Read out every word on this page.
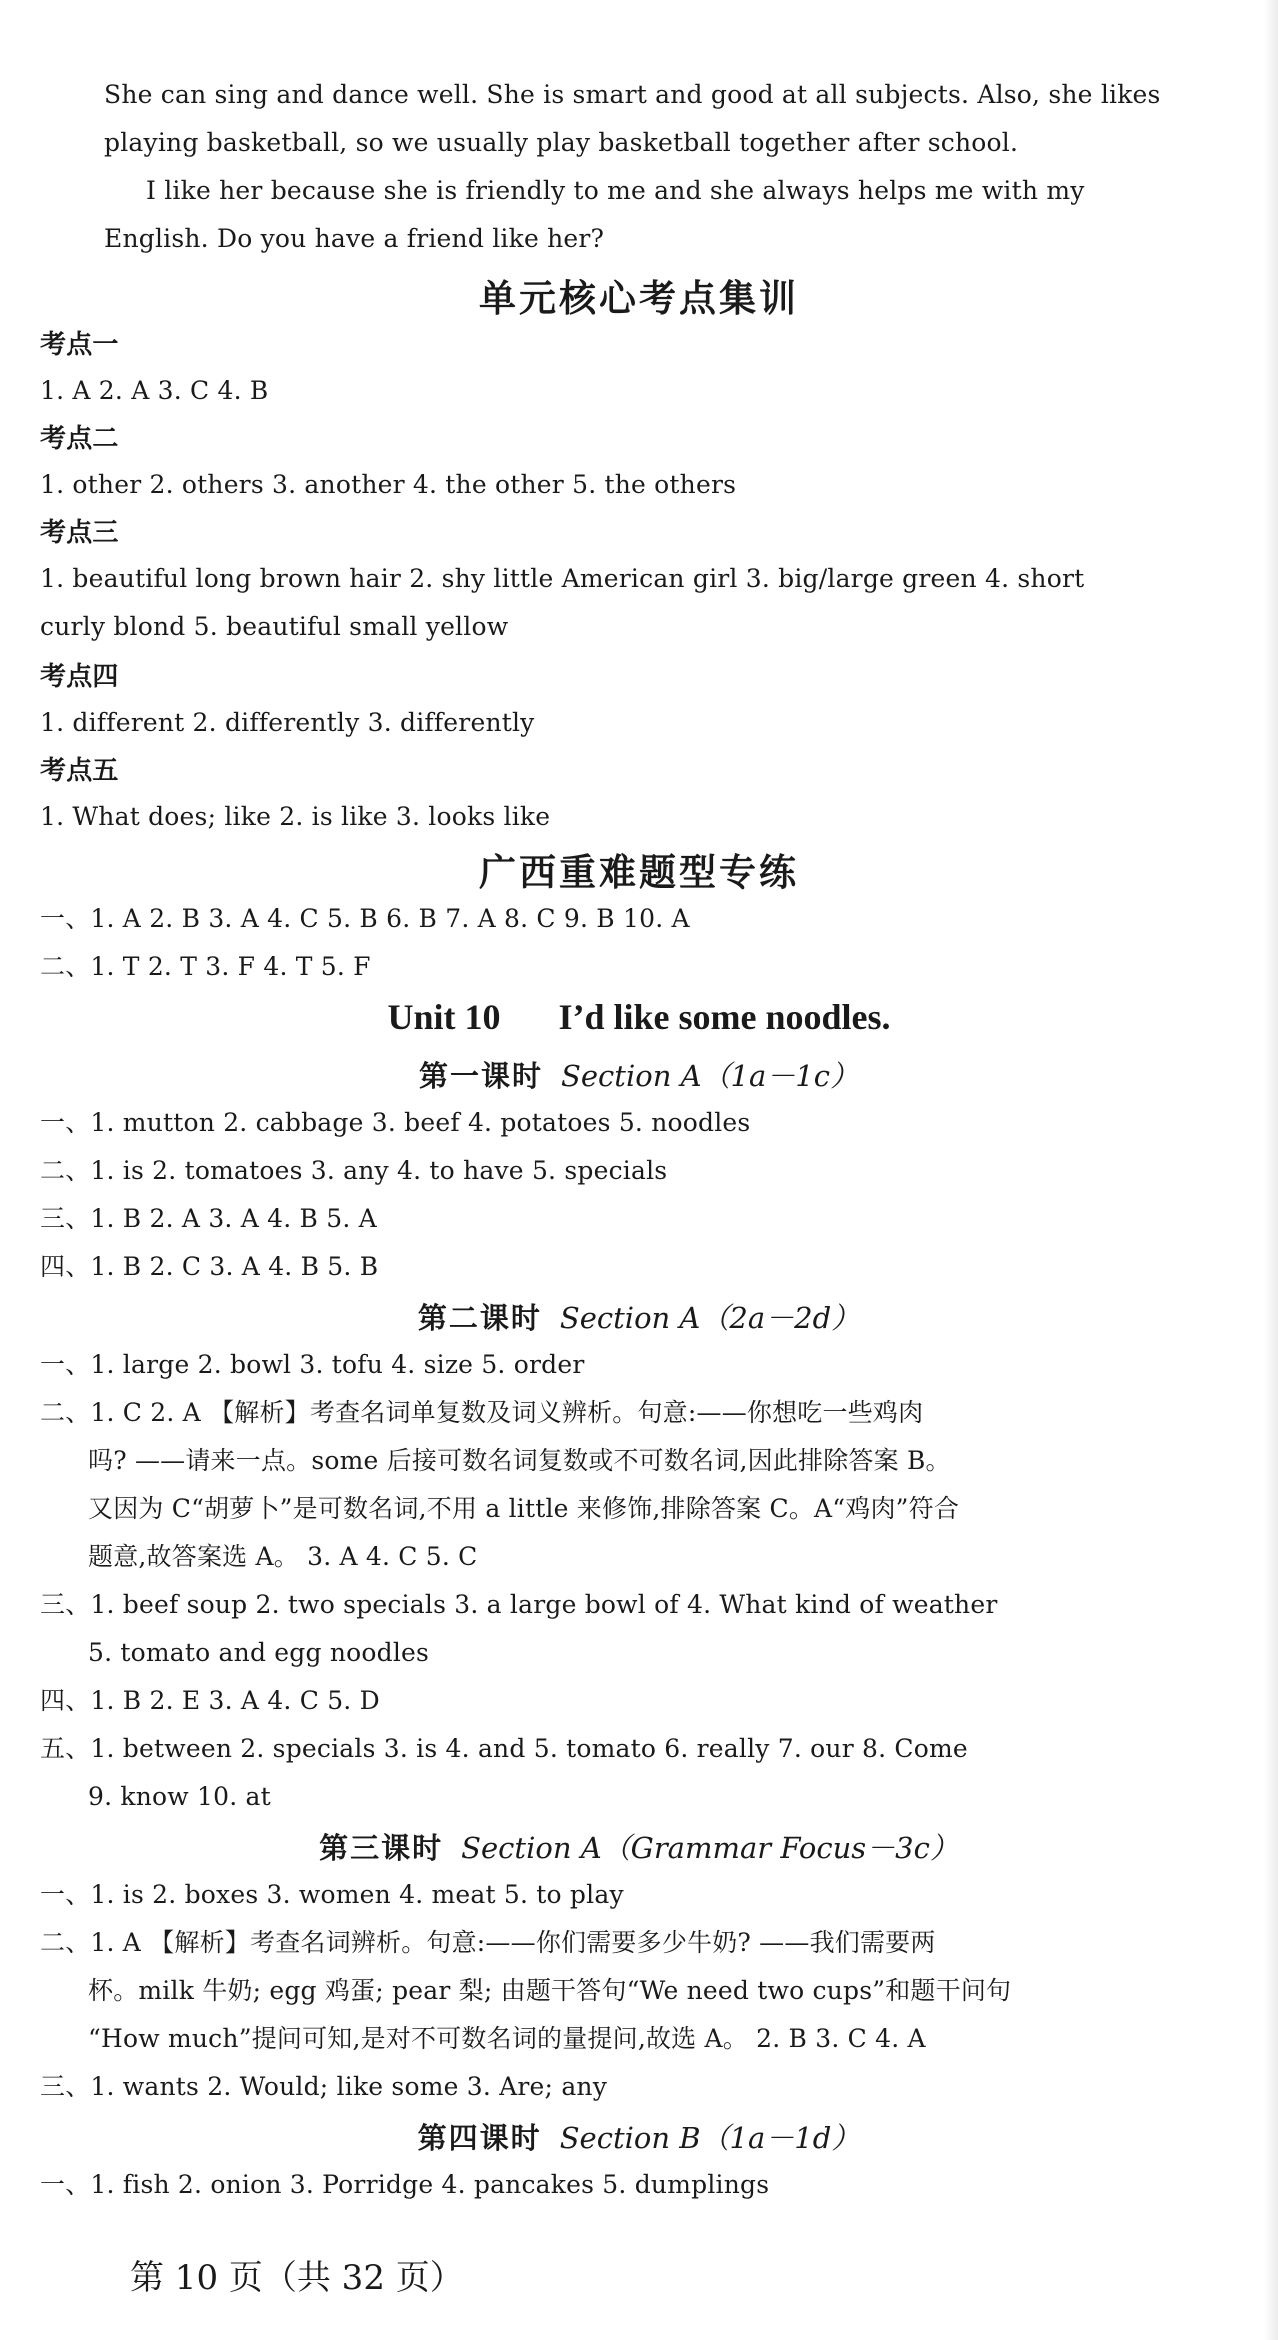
She can sing and dance well. She is smart and good at all subjects. Also, she likes
playing basketball, so we usually play basketball together after school.
I like her because she is friendly to me and she always helps me with my
English. Do you have a friend like her?
单元核心考点集训
考点一
1. A 2. A 3. C 4. B
考点二
1. other 2. others 3. another 4. the other 5. the others
考点三
1. beautiful long brown hair 2. shy little American girl 3. big/large green 4. short
curly blond 5. beautiful small yellow
考点四
1. different 2. differently 3. differently
考点五
1. What does; like 2. is like 3. looks like
广西重难题型专练
一、1. A 2. B 3. A 4. C 5. B 6. B 7. A 8. C 9. B 10. A
二、1. T 2. T 3. F 4. T 5. F
Unit 10 I’d like some noodles.
第一课时 Section A（1a－1c）
一、1. mutton 2. cabbage 3. beef 4. potatoes 5. noodles
二、1. is 2. tomatoes 3. any 4. to have 5. specials
三、1. B 2. A 3. A 4. B 5. A
四、1. B 2. C 3. A 4. B 5. B
第二课时 Section A（2a－2d）
一、1. large 2. bowl 3. tofu 4. size 5. order
二、1. C 2. A 【解析】考查名词单复数及词义辨析。句意:——你想吃一些鸡肉
吗? ——请来一点。some 后接可数名词复数或不可数名词,因此排除答案 B。
又因为 C“胡萝卜”是可数名词,不用 a little 来修饰,排除答案 C。A“鸡肉”符合
题意,故答案选 A。 3. A 4. C 5. C
三、1. beef soup 2. two specials 3. a large bowl of 4. What kind of weather
5. tomato and egg noodles
四、1. B 2. E 3. A 4. C 5. D
五、1. between 2. specials 3. is 4. and 5. tomato 6. really 7. our 8. Come
9. know 10. at
第三课时 Section A（Grammar Focus－3c）
一、1. is 2. boxes 3. women 4. meat 5. to play
二、1. A 【解析】考查名词辨析。句意:——你们需要多少牛奶? ——我们需要两
杯。milk 牛奶; egg 鸡蛋; pear 梨; 由题干答句“We need two cups”和题干问句
“How much”提问可知,是对不可数名词的量提问,故选 A。 2. B 3. C 4. A
三、1. wants 2. Would; like some 3. Are; any
第四课时 Section B（1a－1d）
一、1. fish 2. onion 3. Porridge 4. pancakes 5. dumplings
第 10 页（共 32 页）
